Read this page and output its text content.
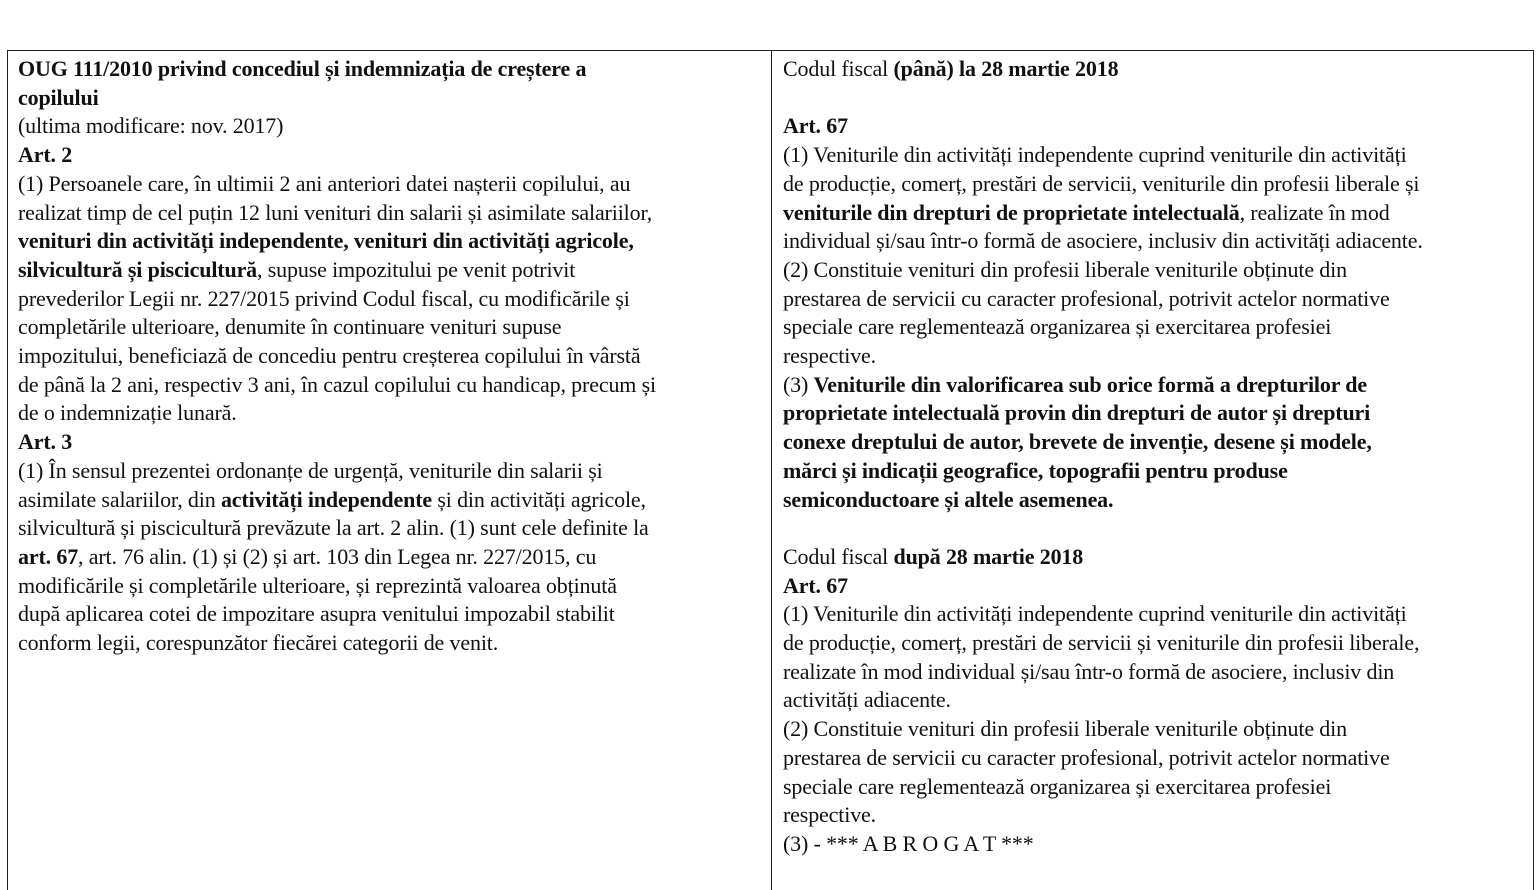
OUG 111/2010 privind concediul și indemnizația de creștere a
copilului
(ultima modificare: nov. 2017)
Art. 2
(1) Persoanele care, în ultimii 2 ani anteriori datei nașterii copilului, au
realizat timp de cel puțin 12 luni venituri din salarii și asimilate salariilor,
venituri din activități independente, venituri din activități agricole,
silvicultură și piscicultură, supuse impozitului pe venit potrivit
prevederilor Legii nr. 227/2015 privind Codul fiscal, cu modificările și
completările ulterioare, denumite în continuare venituri supuse
impozitului, beneficiază de concediu pentru creșterea copilului în vârstă
de până la 2 ani, respectiv 3 ani, în cazul copilului cu handicap, precum și
de o indemnizație lunară.
Art. 3
(1) În sensul prezentei ordonanțe de urgență, veniturile din salarii și
asimilate salariilor, din activități independente și din activități agricole,
silvicultură și piscicultură prevăzute la art. 2 alin. (1) sunt cele definite la
art. 67, art. 76 alin. (1) și (2) și art. 103 din Legea nr. 227/2015, cu
modificările și completările ulterioare, și reprezintă valoarea obținută
după aplicarea cotei de impozitare asupra venitului impozabil stabilit
conform legii, corespunzător fiecărei categorii de venit.
Codul fiscal (până) la 28 martie 2018
Art. 67
(1) Veniturile din activități independente cuprind veniturile din activități
de producție, comerț, prestări de servicii, veniturile din profesii liberale și
veniturile din drepturi de proprietate intelectuală, realizate în mod
individual și/sau într-o formă de asociere, inclusiv din activități adiacente.
(2) Constituie venituri din profesii liberale veniturile obținute din
prestarea de servicii cu caracter profesional, potrivit actelor normative
speciale care reglementează organizarea și exercitarea profesiei
respective.
(3) Veniturile din valorificarea sub orice formă a drepturilor de
proprietate intelectuală provin din drepturi de autor și drepturi
conexe dreptului de autor, brevete de invenție, desene și modele,
mărci și indicații geografice, topografii pentru produse
semiconductoare și altele asemenea.
Codul fiscal după 28 martie 2018
Art. 67
(1) Veniturile din activități independente cuprind veniturile din activități
de producție, comerț, prestări de servicii și veniturile din profesii liberale,
realizate în mod individual și/sau într-o formă de asociere, inclusiv din
activități adiacente.
(2) Constituie venituri din profesii liberale veniturile obținute din
prestarea de servicii cu caracter profesional, potrivit actelor normative
speciale care reglementează organizarea și exercitarea profesiei
respective.
(3) - *** A B R O G A T ***
